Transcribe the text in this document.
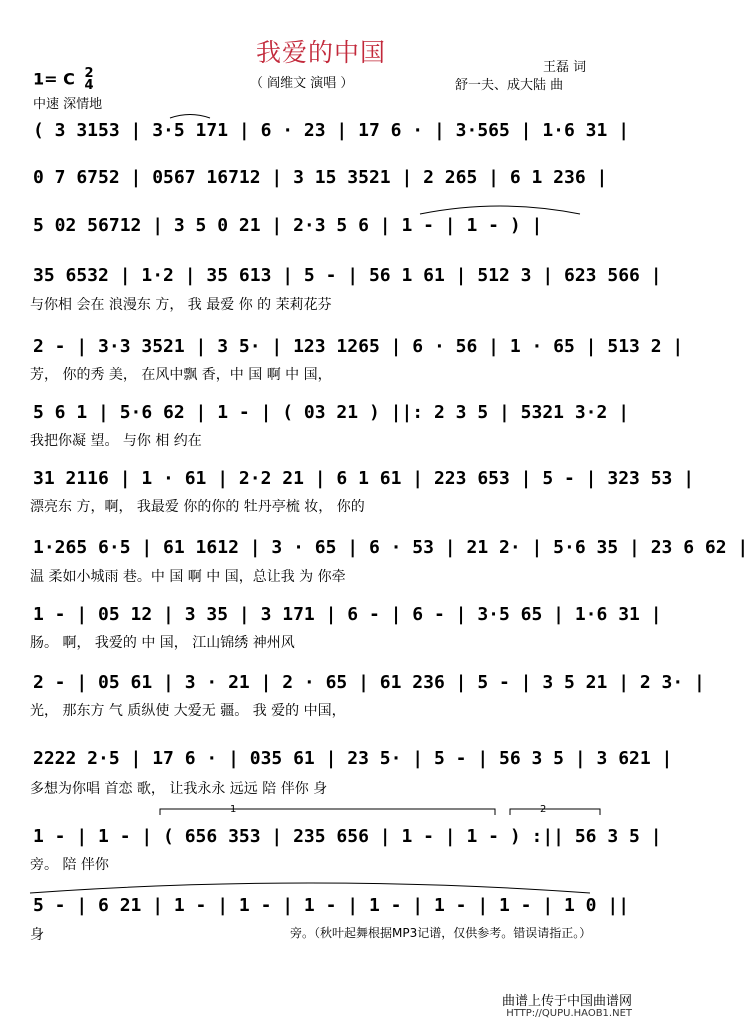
我爱的中国
1= C 2
4
中速 深情地
（ 阎维文 演唱 ）
王磊 词
舒一夫、成大陆 曲
( 3 3153 | 3·5 171 | 6 · 23 | 17 6 · | 3·565 | 1·6 31 |
0 7 6752 | 0567 16712 | 3 15 3521 | 2 265 | 6 1 236 |
5 02 56712 | 3 5 0 21 | 2·3 5 6 | 1 - | 1 - ) |
35 6532 | 1·2 | 35 613 | 5 - | 56 1 61 | 512 3 | 623 566 |
与你相 会在 浪漫东 方， 我 最爱 你 的 茉莉花芬
2 - | 3·3 3521 | 3 5· | 123 1265 | 6 · 56 | 1 · 65 | 513 2 |
芳， 你的秀 美， 在风中飘 香，中 国 啊 中 国，
5 6 1 | 5·6 62 | 1 - | ( 03 21 ) ||: 2 3 5 | 5321 3·2 |
我把你凝 望。 与你 相 约在
31 2116 | 1 · 61 | 2·2 21 | 6 1 61 | 223 653 | 5 - | 323 53 |
漂亮东 方，啊， 我最爱 你的你的 牡丹亭梳 妆， 你的
1·265 6·5 | 61 1612 | 3 · 65 | 6 · 53 | 21 2· | 5·6 35 | 23 6 62 |
温 柔如小城雨 巷。中 国 啊 中 国，总让我 为 你牵
1 - | 05 12 | 3 35 | 3 171 | 6 - | 6 - | 3·5 65 | 1·6 31 |
肠。 啊， 我爱的 中 国， 江山锦绣 神州风
2 - | 05 61 | 3 · 21 | 2 · 65 | 61 236 | 5 - | 3 5 21 | 2 3· |
光， 那东方 气 质纵使 大爱无 疆。 我 爱的 中国，
2222 2·5 | 17 6 · | 035 61 | 23 5· | 5 - | 56 3 5 | 3 621 |
多想为你唱 首恋 歌， 让我永永 远远 陪 伴你 身
1 - | 1 - | ( 656 353 | 235 656 | 1 - | 1 - ) :|| 56 3 5 |
旁。 陪 伴你
5 - | 6 21 | 1 - | 1 - | 1 - | 1 - | 1 - | 1 - | 1 0 ||
身	旁。（秋叶起舞根据MP3记谱，仅供参考。错误请指正。）
1	2
曲谱上传于中国曲谱网
HTTP://QUPU.HAOB1.NET
